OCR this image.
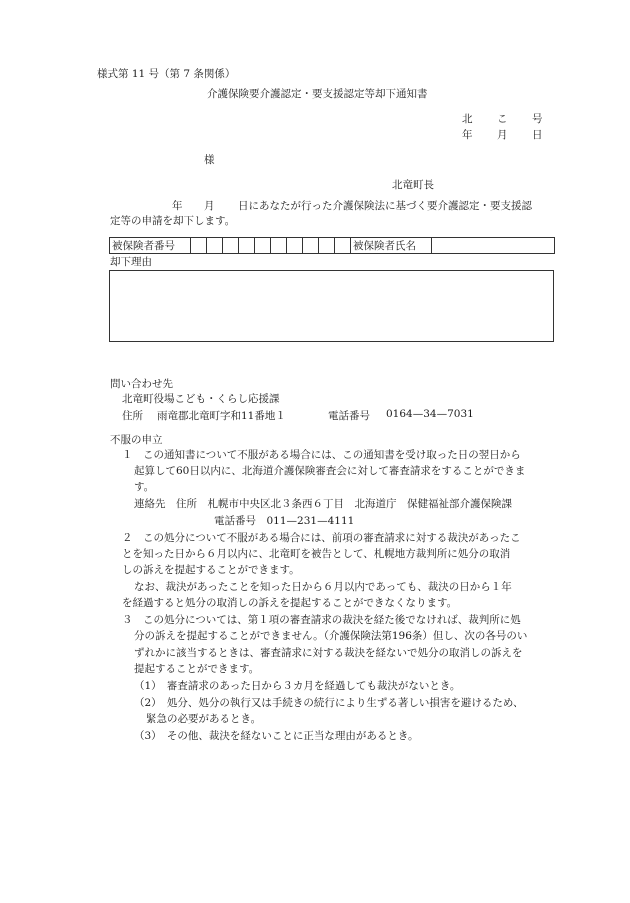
様式第 11 号（第 7 条関係）
介護保険要介護認定・要支援認定等却下通知書
北 こ 号
年 月 日
様
北竜町長
年 月 日にあなたが行った介護保険法に基づく要介護認定・要支援認
定等の申請を却下します。
被保険者番号											被保険者氏名	
却下理由
問い合わせ先
北竜町役場こども・くらし応援課
住所 雨竜郡北竜町字和11番地１	電話番号 0164—34—7031
不服の申立
１　この通知書について不服がある場合には、この通知書を受け取った日の翌日から
起算して60日以内に、北海道介護保険審査会に対して審査請求をすることができま
す。
連絡先　住所　札幌市中央区北３条西６丁目　北海道庁　保健福祉部介護保険課
電話番号　011—231—4111
２　この処分について不服がある場合には、前項の審査請求に対する裁決があったこ
とを知った日から６月以内に、北竜町を被告として、札幌地方裁判所に処分の取消
しの訴えを提起することができます。
なお、裁決があったことを知った日から６月以内であっても、裁決の日から１年
を経過すると処分の取消しの訴えを提起することができなくなります。
３　この処分については、第１項の審査請求の裁決を経た後でなければ、裁判所に処
分の訴えを提起することができません。（介護保険法第196条）但し、次の各号のい
ずれかに該当するときは、審査請求に対する裁決を経ないで処分の取消しの訴えを
提起することができます。
（1）　審査請求のあった日から３カ月を経過しても裁決がないとき。
（2）　処分、処分の執行又は手続きの続行により生ずる著しい損害を避けるため、
緊急の必要があるとき。
（3）　その他、裁決を経ないことに正当な理由があるとき。
